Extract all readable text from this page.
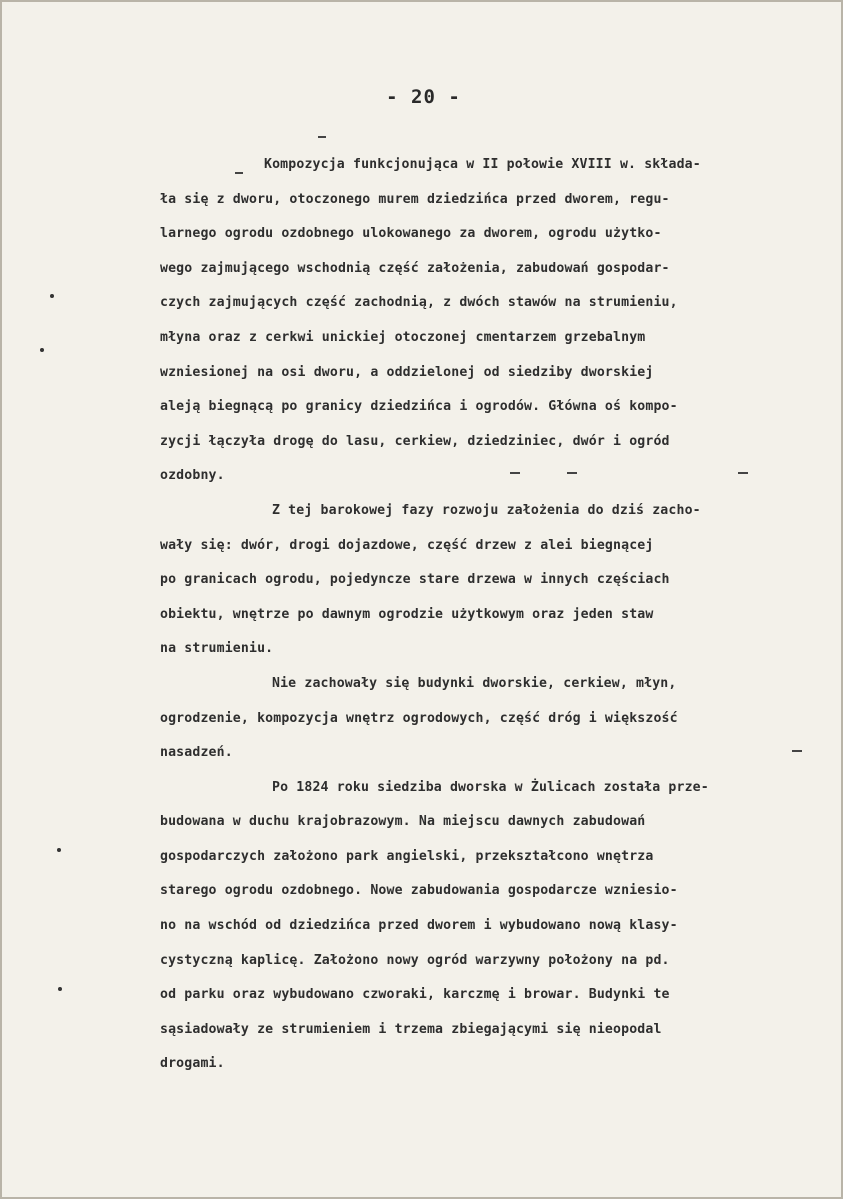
- 20 -
Kompozycja funkcjonująca w II połowie XVIII w. składa-
ła się z dworu, otoczonego murem dziedzińca przed dworem, regu-
larnego ogrodu ozdobnego ulokowanego za dworem, ogrodu użytko-
wego zajmującego wschodnią część założenia, zabudowań gospodar-
czych zajmujących część zachodnią, z dwóch stawów na strumieniu,
młyna oraz z cerkwi unickiej otoczonej cmentarzem grzebalnym
wzniesionej na osi dworu, a oddzielonej od siedziby dworskiej
aleją biegnącą po granicy dziedzińca i ogrodów. Główna oś kompo-
zycji łączyła drogę do lasu, cerkiew, dziedziniec, dwór i ogród
ozdobny.
Z tej barokowej fazy rozwoju założenia do dziś zacho-
wały się: dwór, drogi dojazdowe, część drzew z alei biegnącej
po granicach ogrodu, pojedyncze stare drzewa w innych częściach
obiektu, wnętrze po dawnym ogrodzie użytkowym oraz jeden staw
na strumieniu.
Nie zachowały się budynki dworskie, cerkiew, młyn,
ogrodzenie, kompozycja wnętrz ogrodowych, część dróg i większość
nasadzeń.
Po 1824 roku siedziba dworska w Żulicach została prze-
budowana w duchu krajobrazowym. Na miejscu dawnych zabudowań
gospodarczych założono park angielski, przekształcono wnętrza
starego ogrodu ozdobnego. Nowe zabudowania gospodarcze wzniesio-
no na wschód od dziedzińca przed dworem i wybudowano nową klasy-
cystyczną kaplicę. Założono nowy ogród warzywny położony na pd.
od parku oraz wybudowano czworaki, karczmę i browar. Budynki te
sąsiadowały ze strumieniem i trzema zbiegającymi się nieopodal
drogami.
